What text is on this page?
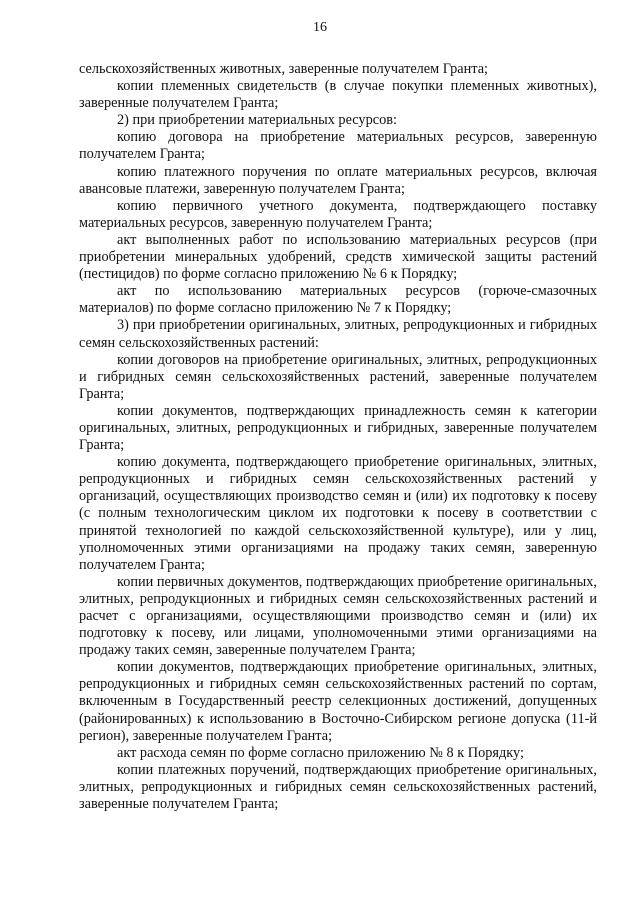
16

сельскохозяйственных животных, заверенные получателем Гранта;

копии племенных свидетельств (в случае покупки племенных животных), заверенные получателем Гранта;

2) при приобретении материальных ресурсов:

копию договора на приобретение материальных ресурсов, заверенную получателем Гранта;

копию платежного поручения по оплате материальных ресурсов, включая авансовые платежи, заверенную получателем Гранта;

копию первичного учетного документа, подтверждающего поставку материальных ресурсов, заверенную получателем Гранта;

акт выполненных работ по использованию материальных ресурсов (при приобретении минеральных удобрений, средств химической защиты растений (пестицидов) по форме согласно приложению № 6 к Порядку;

акт по использованию материальных ресурсов (горюче-смазочных материалов) по форме согласно приложению № 7 к Порядку;

3) при приобретении оригинальных, элитных, репродукционных и гибридных семян сельскохозяйственных растений:

копии договоров на приобретение оригинальных, элитных, репродукционных и гибридных семян сельскохозяйственных растений, заверенные получателем Гранта;

копии документов, подтверждающих принадлежность семян к категории оригинальных, элитных, репродукционных и гибридных, заверенные получателем Гранта;

копию документа, подтверждающего приобретение оригинальных, элитных, репродукционных и гибридных семян сельскохозяйственных растений у организаций, осуществляющих производство семян и (или) их подготовку к посеву (с полным технологическим циклом их подготовки к посеву в соответствии с принятой технологией по каждой сельскохозяйственной культуре), или у лиц, уполномоченных этими организациями на продажу таких семян, заверенную получателем Гранта;

копии первичных документов, подтверждающих приобретение оригинальных, элитных, репродукционных и гибридных семян сельскохозяйственных растений и расчет с организациями, осуществляющими производство семян и (или) их подготовку к посеву, или лицами, уполномоченными этими организациями на продажу таких семян, заверенные получателем Гранта;

копии документов, подтверждающих приобретение оригинальных, элитных, репродукционных и гибридных семян сельскохозяйственных растений по сортам, включенным в Государственный реестр селекционных достижений, допущенных (районированных) к использованию в Восточно-Сибирском регионе допуска (11-й регион), заверенные получателем Гранта;

акт расхода семян по форме согласно приложению № 8 к Порядку;

копии платежных поручений, подтверждающих приобретение оригинальных, элитных, репродукционных и гибридных семян сельскохозяйственных растений, заверенные получателем Гранта;
